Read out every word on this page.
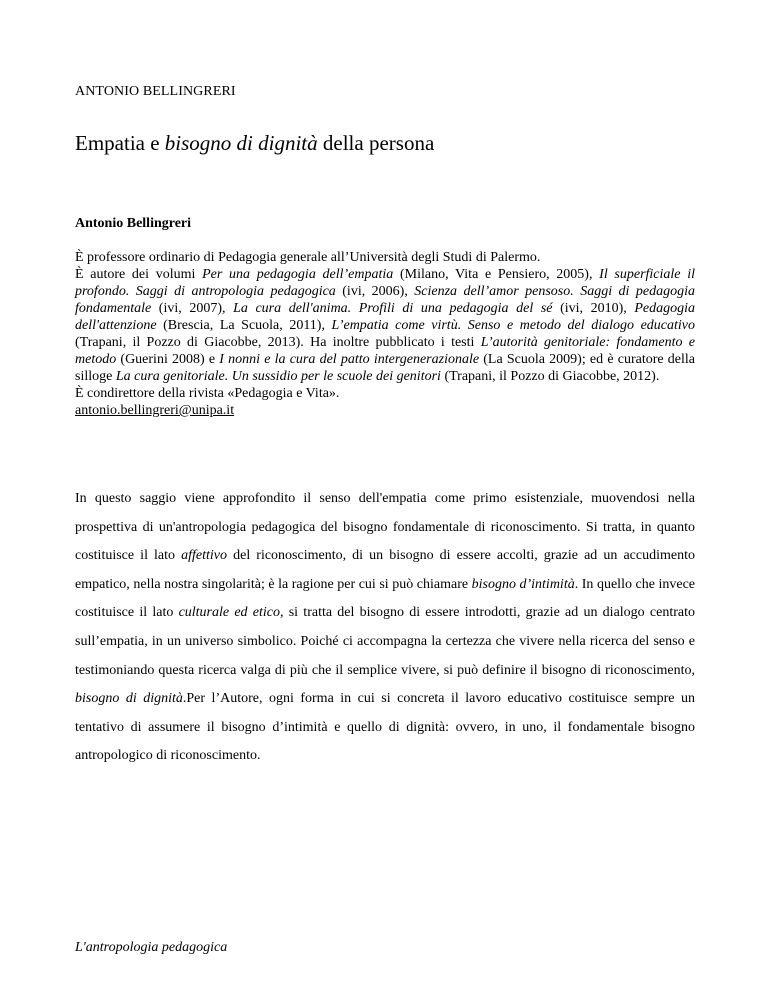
ANTONIO BELLINGRERI
Empatia e bisogno di dignità della persona
Antonio Bellingreri

È professore ordinario di Pedagogia generale all’Università degli Studi di Palermo.

È autore dei volumi Per una pedagogia dell’empatia (Milano, Vita e Pensiero, 2005), Il superficiale il profondo. Saggi di antropologia pedagogica (ivi, 2006), Scienza dell’amor pensoso. Saggi di pedagogia fondamentale (ivi, 2007), La cura dell'anima. Profili di una pedagogia del sé (ivi, 2010), Pedagogia dell'attenzione (Brescia, La Scuola, 2011), L’empatia come virtù. Senso e metodo del dialogo educativo (Trapani, il Pozzo di Giacobbe, 2013). Ha inoltre pubblicato i testi L’autorità genitoriale: fondamento e metodo (Guerini 2008) e I nonni e la cura del patto intergenerazionale (La Scuola 2009); ed è curatore della silloge La cura genitoriale. Un sussidio per le scuole dei genitori (Trapani, il Pozzo di Giacobbe, 2012).

È condirettore della rivista «Pedagogia e Vita».

antonio.bellingreri@unipa.it

In questo saggio viene approfondito il senso dell'empatia come primo esistenziale, muovendosi nella prospettiva di un'antropologia pedagogica del bisogno fondamentale di riconoscimento. Si tratta, in quanto costituisce il lato affettivo del riconoscimento, di un bisogno di essere accolti, grazie ad un accudimento empatico, nella nostra singolarità; è la ragione per cui si può chiamare bisogno d’intimità. In quello che invece costituisce il lato culturale ed etico, si tratta del bisogno di essere introdotti, grazie ad un dialogo centrato sull’empatia, in un universo simbolico. Poiché ci accompagna la certezza che vivere nella ricerca del senso e testimoniando questa ricerca valga di più che il semplice vivere, si può definire il bisogno di riconoscimento, bisogno di dignità.Per l’Autore, ogni forma in cui si concreta il lavoro educativo costituisce sempre un tentativo di assumere il bisogno d’intimità e quello di dignità: ovvero, in uno, il fondamentale bisogno antropologico di riconoscimento.

L'antropologia pedagogica
